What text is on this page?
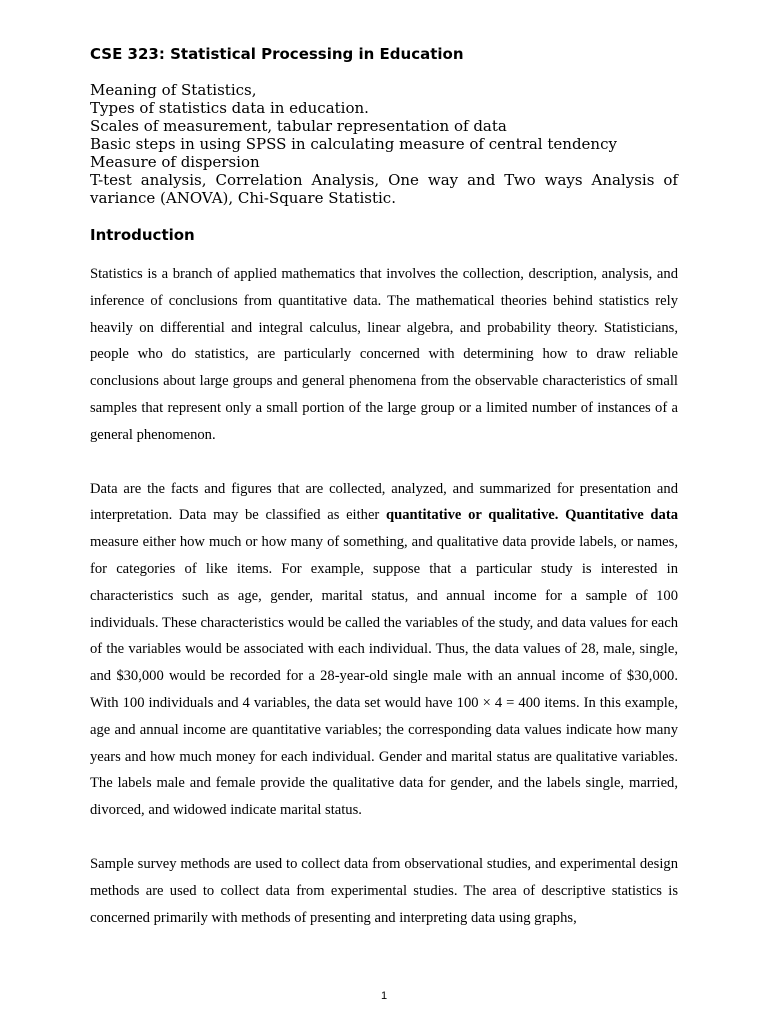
CSE 323: Statistical Processing in Education
Meaning of Statistics,
Types of statistics data in education.
Scales of measurement, tabular representation of data
Basic steps in using SPSS in calculating measure of central tendency
Measure of dispersion
T-test analysis, Correlation Analysis, One way and Two ways Analysis of variance (ANOVA), Chi-Square Statistic.
Introduction

Statistics is a branch of applied mathematics that involves the collection, description, analysis, and inference of conclusions from quantitative data. The mathematical theories behind statistics rely heavily on differential and integral calculus, linear algebra, and probability theory. Statisticians, people who do statistics, are particularly concerned with determining how to draw reliable conclusions about large groups and general phenomena from the observable characteristics of small samples that represent only a small portion of the large group or a limited number of instances of a general phenomenon.

Data are the facts and figures that are collected, analyzed, and summarized for presentation and interpretation. Data may be classified as either quantitative or qualitative. Quantitative data measure either how much or how many of something, and qualitative data provide labels, or names, for categories of like items. For example, suppose that a particular study is interested in characteristics such as age, gender, marital status, and annual income for a sample of 100 individuals. These characteristics would be called the variables of the study, and data values for each of the variables would be associated with each individual. Thus, the data values of 28, male, single, and $30,000 would be recorded for a 28-year-old single male with an annual income of $30,000. With 100 individuals and 4 variables, the data set would have 100 × 4 = 400 items. In this example, age and annual income are quantitative variables; the corresponding data values indicate how many years and how much money for each individual. Gender and marital status are qualitative variables. The labels male and female provide the qualitative data for gender, and the labels single, married, divorced, and widowed indicate marital status.

Sample survey methods are used to collect data from observational studies, and experimental design methods are used to collect data from experimental studies. The area of descriptive statistics is concerned primarily with methods of presenting and interpreting data using graphs,

1
